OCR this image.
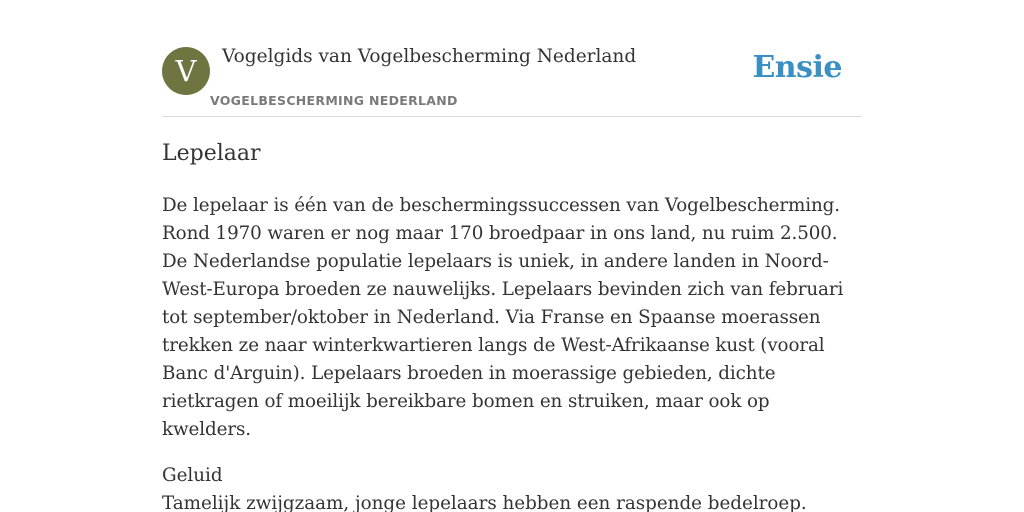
V	Vogelgids van Vogelbescherming Nederland
VOGELBESCHERMING NEDERLAND
Ensie
Lepelaar

De lepelaar is één van de beschermingssuccessen van Vogelbescherming. Rond 1970 waren er nog maar 170 broedpaar in ons land, nu ruim 2.500. De Nederlandse populatie lepelaars is uniek, in andere landen in Noord-West-Europa broeden ze nauwelijks. Lepelaars bevinden zich van februari tot september/oktober in Nederland. Via Franse en Spaanse moerassen trekken ze naar winterkwartieren langs de West-Afrikaanse kust (vooral Banc d'Arguin). Lepelaars broeden in moerassige gebieden, dichte rietkragen of moeilijk bereikbare bomen en struiken, maar ook op kwelders.

Geluid

Tamelijk zwijgzaam, jonge lepelaars hebben een raspende bedelroep.
